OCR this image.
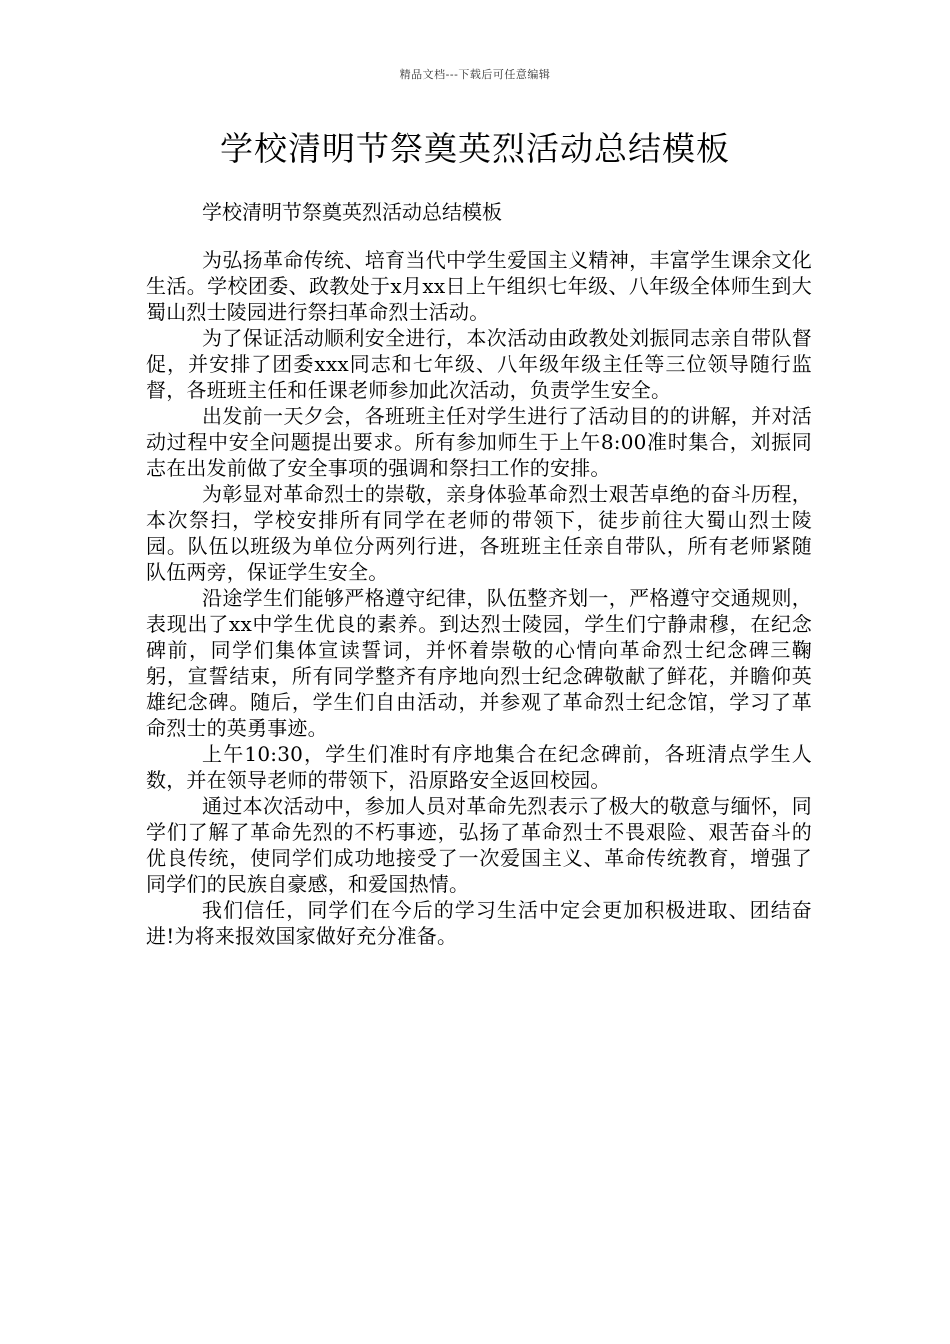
精品文档---下载后可任意编辑
学校清明节祭奠英烈活动总结模板

学校清明节祭奠英烈活动总结模板

为弘扬革命传统、培育当代中学生爱国主义精神，丰富学生课余文化生活。学校团委、政教处于x月xx日上午组织七年级、八年级全体师生到大蜀山烈士陵园进行祭扫革命烈士活动。

为了保证活动顺利安全进行，本次活动由政教处刘振同志亲自带队督促，并安排了团委xxx同志和七年级、八年级年级主任等三位领导随行监督，各班班主任和任课老师参加此次活动，负责学生安全。

出发前一天夕会，各班班主任对学生进行了活动目的的讲解，并对活动过程中安全问题提出要求。所有参加师生于上午8:00准时集合，刘振同志在出发前做了安全事项的强调和祭扫工作的安排。

为彰显对革命烈士的崇敬，亲身体验革命烈士艰苦卓绝的奋斗历程，本次祭扫，学校安排所有同学在老师的带领下，徒步前往大蜀山烈士陵园。队伍以班级为单位分两列行进，各班班主任亲自带队，所有老师紧随队伍两旁，保证学生安全。

沿途学生们能够严格遵守纪律，队伍整齐划一，严格遵守交通规则，表现出了xx中学生优良的素养。到达烈士陵园，学生们宁静肃穆，在纪念碑前，同学们集体宣读誓词，并怀着崇敬的心情向革命烈士纪念碑三鞠躬，宣誓结束，所有同学整齐有序地向烈士纪念碑敬献了鲜花，并瞻仰英雄纪念碑。随后，学生们自由活动，并参观了革命烈士纪念馆，学习了革命烈士的英勇事迹。

上午10:30，学生们准时有序地集合在纪念碑前，各班清点学生人数，并在领导老师的带领下，沿原路安全返回校园。

通过本次活动中，参加人员对革命先烈表示了极大的敬意与缅怀，同学们了解了革命先烈的不朽事迹，弘扬了革命烈士不畏艰险、艰苦奋斗的优良传统，使同学们成功地接受了一次爱国主义、革命传统教育，增强了同学们的民族自豪感，和爱国热情。

我们信任，同学们在今后的学习生活中定会更加积极进取、团结奋进!为将来报效国家做好充分准备。
